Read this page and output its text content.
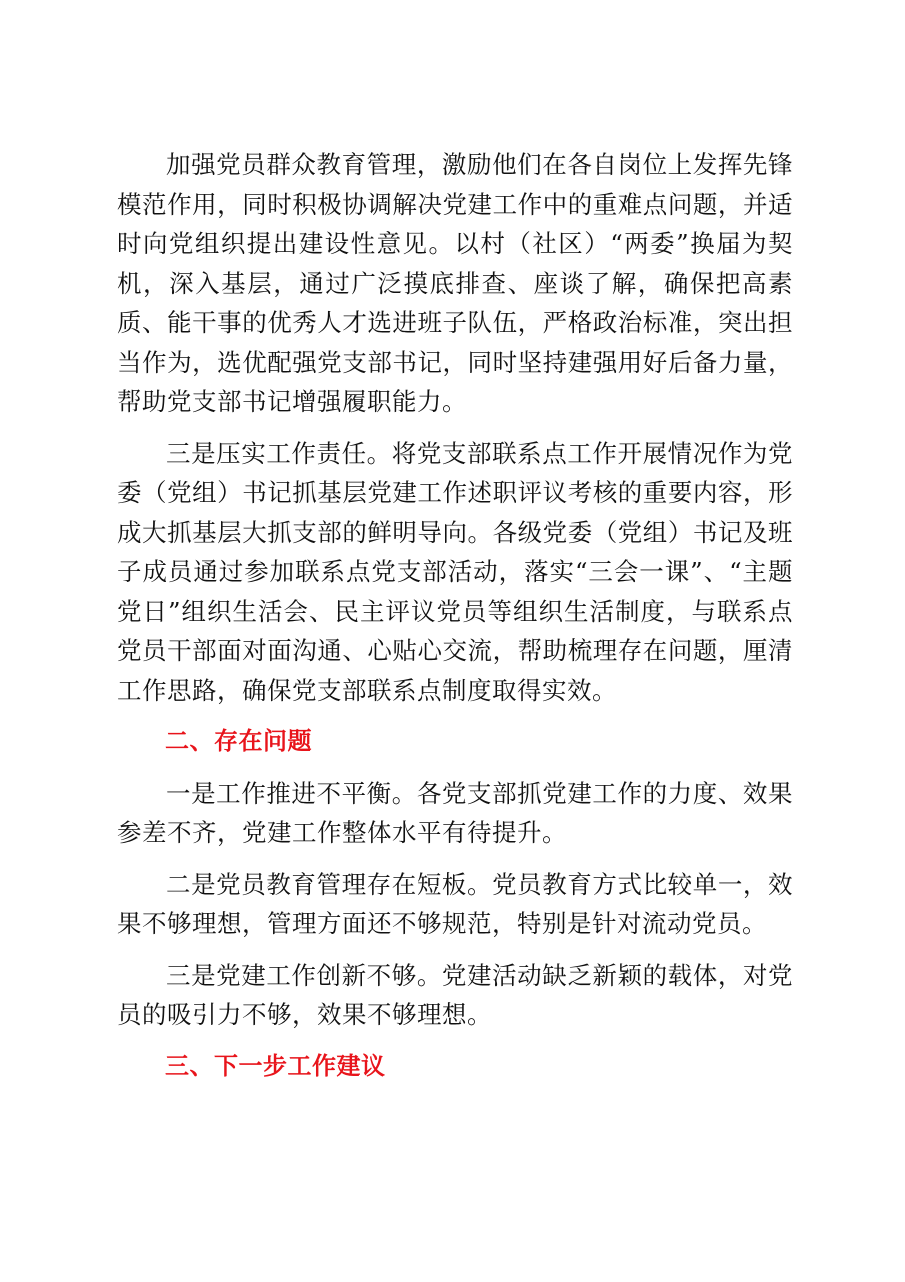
加强党员群众教育管理，激励他们在各自岗位上发挥先锋模范作用，同时积极协调解决党建工作中的重难点问题，并适时向党组织提出建设性意见。以村（社区）“两委”换届为契机，深入基层，通过广泛摸底排查、座谈了解，确保把高素质、能干事的优秀人才选进班子队伍，严格政治标准，突出担当作为，选优配强党支部书记，同时坚持建强用好后备力量，帮助党支部书记增强履职能力。

三是压实工作责任。将党支部联系点工作开展情况作为党委（党组）书记抓基层党建工作述职评议考核的重要内容，形成大抓基层大抓支部的鲜明导向。各级党委（党组）书记及班子成员通过参加联系点党支部活动，落实“三会一课”、“主题党日”组织生活会、民主评议党员等组织生活制度，与联系点党员干部面对面沟通、心贴心交流，帮助梳理存在问题，厘清工作思路，确保党支部联系点制度取得实效。

二、存在问题

一是工作推进不平衡。各党支部抓党建工作的力度、效果参差不齐，党建工作整体水平有待提升。

二是党员教育管理存在短板。党员教育方式比较单一，效果不够理想，管理方面还不够规范，特别是针对流动党员。

三是党建工作创新不够。党建活动缺乏新颖的载体，对党员的吸引力不够，效果不够理想。

三、下一步工作建议
